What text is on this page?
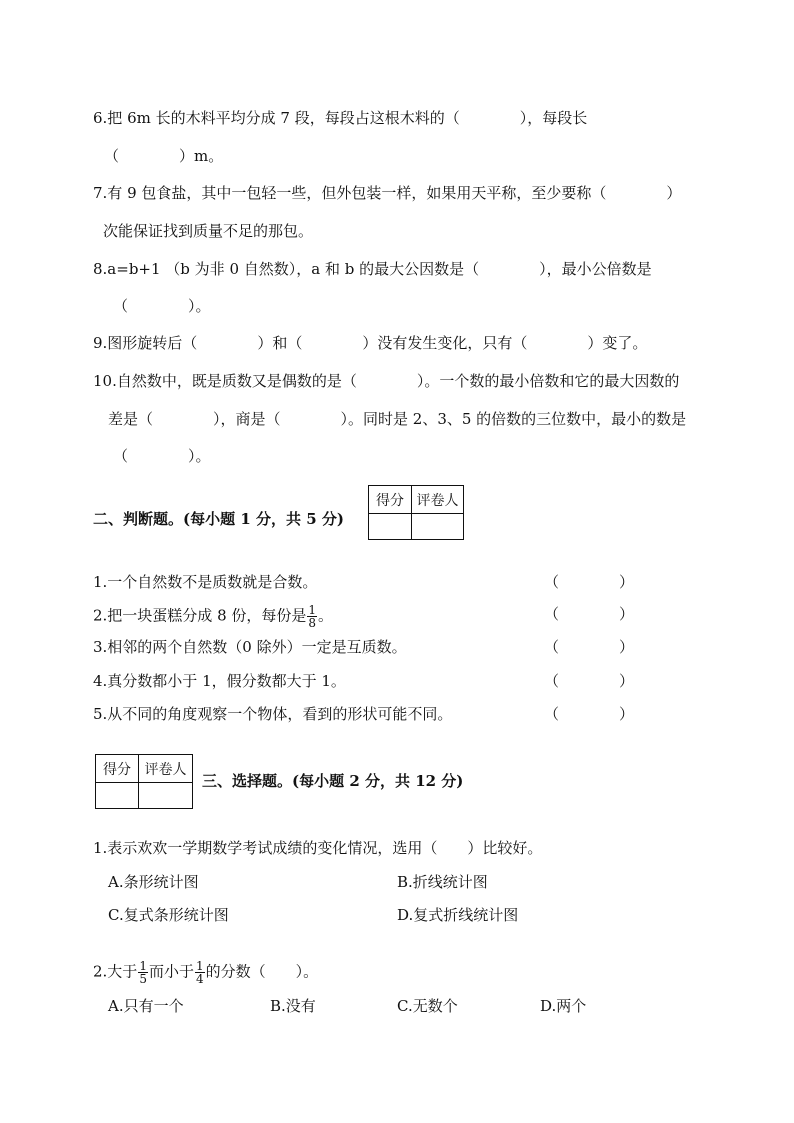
6.把 6m 长的木料平均分成 7 段，每段占这根木料的（　　　　），每段长
（　　　　）m。
7.有 9 包食盐，其中一包轻一些，但外包装一样，如果用天平称，至少要称（　　　　）
次能保证找到质量不足的那包。
8.a=b+1 （b 为非 0 自然数），a 和 b 的最大公因数是（　　　　），最小公倍数是
（　　　　）。
9.图形旋转后（　　　　）和（　　　　）没有发生变化，只有（　　　　）变了。
10.自然数中，既是质数又是偶数的是（　　　　）。一个数的最小倍数和它的最大因数的
差是（　　　　），商是（　　　　）。同时是 2、3、5 的倍数的三位数中，最小的数是
（　　　　）。
二、判断题。(每小题 1 分，共 5 分)
得分	评卷人

1.一个自然数不是质数就是合数。	（　　　　）
2.把一块蛋糕分成 8 份，每份是 $\frac{1}{8}$ 。	（　　　　）
3.相邻的两个自然数（0 除外）一定是互质数。	（　　　　）
4.真分数都小于 1，假分数都大于 1。	（　　　　）
5.从不同的角度观察一个物体，看到的形状可能不同。	（　　　　）
得分	评卷人

三、选择题。(每小题 2 分，共 12 分)
1.表示欢欢一学期数学考试成绩的变化情况，选用（　　）比较好。
A.条形统计图	B.折线统计图
C.复式条形统计图	D.复式折线统计图
2.大于 $\frac{1}{5}$ 而小于 $\frac{1}{4}$ 的分数（　　）。
A.只有一个	B.没有	C.无数个	D.两个
